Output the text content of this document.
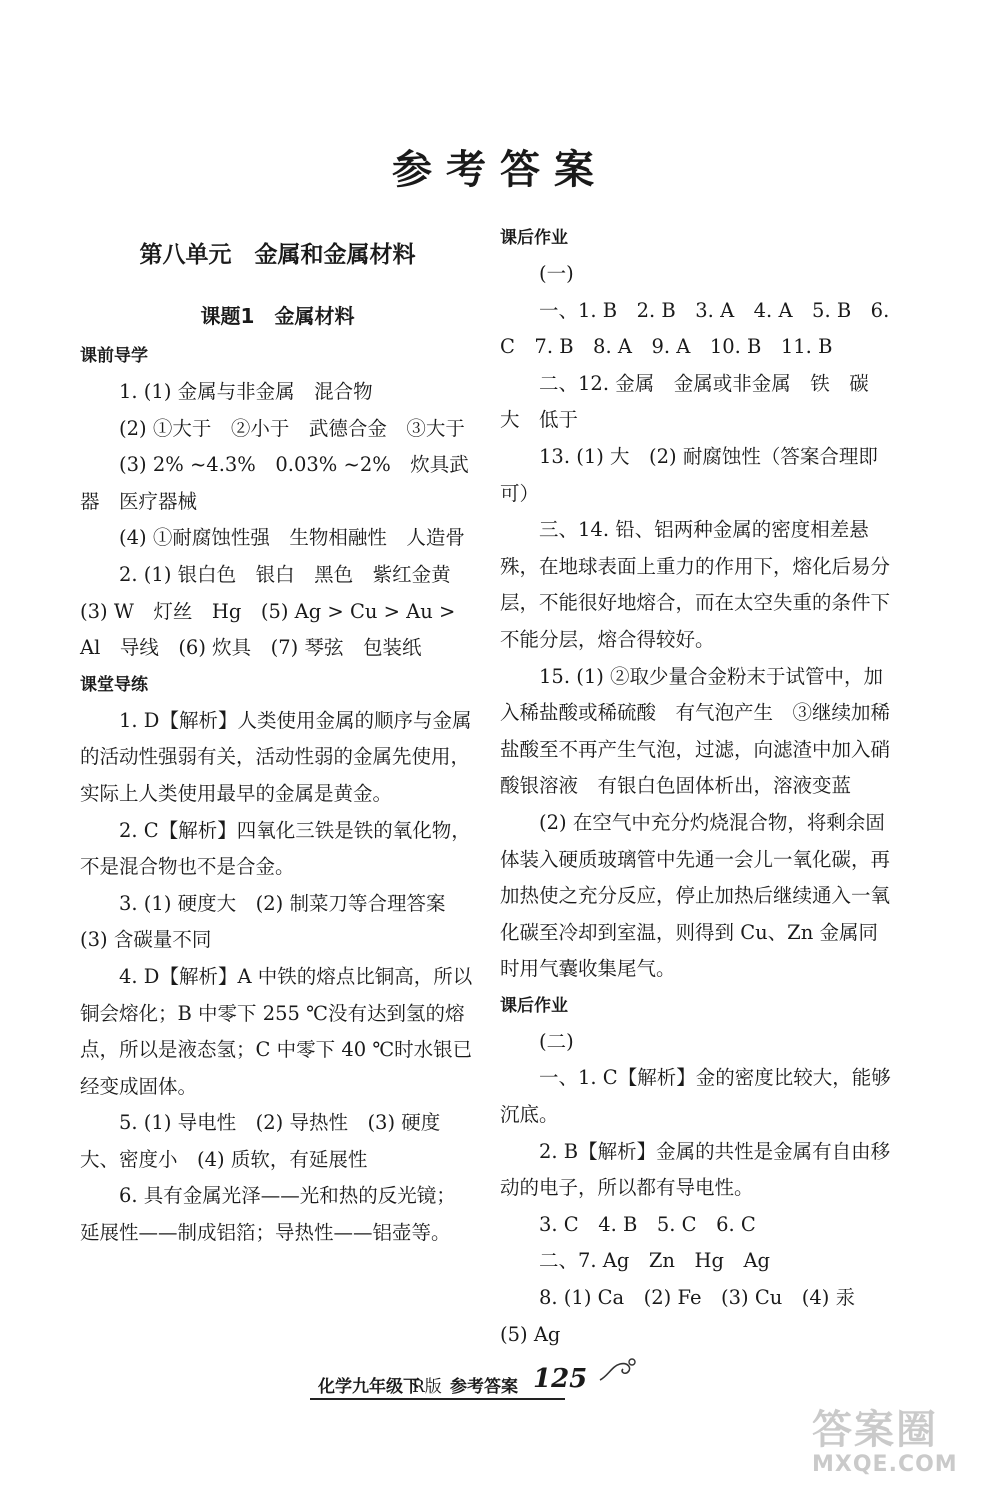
参考答案
第八单元　金属和金属材料
课题1　金属材料

课前导学

1. (1) 金属与非金属　混合物

(2) ①大于　②小于　武德合金　③大于

(3) 2% ~4.3%　0.03% ~2%　炊具武器　医疗器械

(4) ①耐腐蚀性强　生物相融性　人造骨

2. (1) 银白色　银白　黑色　紫红金黄　(3) W　灯丝　Hg　(5) Ag > Cu > Au > Al　导线　(6) 炊具　(7) 琴弦　包装纸

课堂导练

1. D【解析】人类使用金属的顺序与金属的活动性强弱有关，活动性弱的金属先使用，实际上人类使用最早的金属是黄金。

2. C【解析】四氧化三铁是铁的氧化物，不是混合物也不是合金。

3. (1) 硬度大　(2) 制菜刀等合理答案　(3) 含碳量不同

4. D【解析】A 中铁的熔点比铜高，所以铜会熔化；B 中零下 255 ℃没有达到氢的熔点，所以是液态氢；C 中零下 40 ℃时水银已经变成固体。

5. (1) 导电性　(2) 导热性　(3) 硬度大、密度小　(4) 质软，有延展性

6. 具有金属光泽——光和热的反光镜；延展性——制成铝箔；导热性——铝壶等。

课后作业

(一)

一、1. B　2. B　3. A　4. A　5. B　6. C　7. B　8. A　9. A　10. B　11. B

二、12. 金属　金属或非金属　铁　碳　大　低于

13. (1) 大　(2) 耐腐蚀性（答案合理即可）

三、14. 铅、铝两种金属的密度相差悬殊，在地球表面上重力的作用下，熔化后易分层，不能很好地熔合，而在太空失重的条件下不能分层，熔合得较好。

15. (1) ②取少量合金粉末于试管中，加入稀盐酸或稀硫酸　有气泡产生　③继续加稀盐酸至不再产生气泡，过滤，向滤渣中加入硝酸银溶液　有银白色固体析出，溶液变蓝

(2) 在空气中充分灼烧混合物，将剩余固体装入硬质玻璃管中先通一会儿一氧化碳，再加热使之充分反应，停止加热后继续通入一氧化碳至冷却到室温，则得到 Cu、Zn 金属同时用气囊收集尾气。

课后作业

(二)

一、1. C【解析】金的密度比较大，能够沉底。

2. B【解析】金属的共性是金属有自由移动的电子，所以都有导电性。

3. C　4. B　5. C　6. C

二、7. Ag　Zn　Hg　Ag

8. (1) Ca　(2) Fe　(3) Cu　(4) 汞　(5) Ag

化学九年级下
R版 参考答案 125
答案圈
MXQE.COM
